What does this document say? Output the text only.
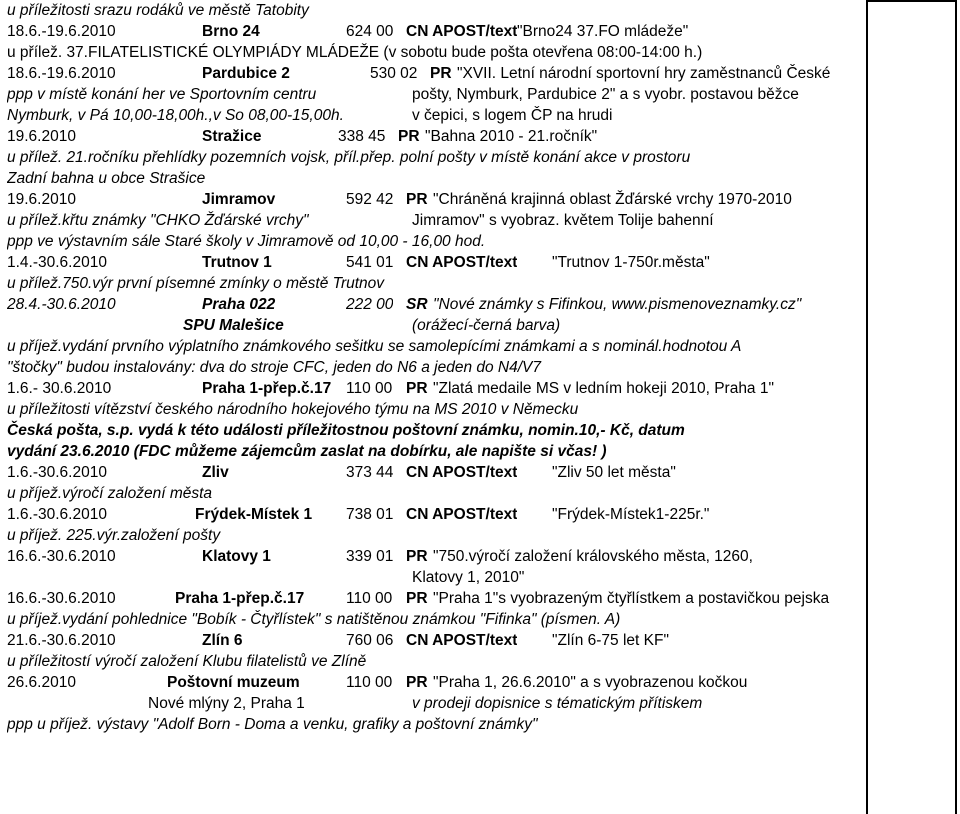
u příležitosti srazu rodáků ve městě Tatobity
18.6.-19.6.2010	Brno 24	624 00 CN APOST/text "Brno24 37.FO mládeže"
u přílež. 37.FILATELISTICKÉ OLYMPIÁDY MLÁDEŽE (v sobotu bude pošta otevřena 08:00-14:00 h.)
18.6.-19.6.2010	Pardubice 2	530 02 PR "XVII. Letní národní sportovní hry zaměstnanců České
ppp v místě konání her ve Sportovním centru	pošty, Nymburk, Pardubice 2" a s vyobr. postavou běžce
Nymburk, v Pá 10,00-18,00h.,v So 08,00-15,00h.	v čepici, s logem ČP na hrudi
19.6.2010	Stražice	338 45 PR "Bahna 2010 - 21.ročník"
u přílež. 21.ročníku přehlídky pozemních vojsk, příl.přep. polní pošty v místě konání akce v prostoru
Zadní bahna u obce Strašice
19.6.2010	Jimramov	592 42 PR "Chráněná krajinná oblast Žďárské vrchy 1970-2010
u přílež.křtu známky "CHKO Žďárské vrchy"	Jimramov" s vyobraz. květem Tolije bahenní
ppp ve výstavním sále Staré školy v Jimramově od 10,00 - 16,00 hod.
1.4.-30.6.2010	Trutnov 1	541 01 CN APOST/text "Trutnov 1-750r.města"
u přílež.750.výr první písemné zmínky o městě Trutnov
28.4.-30.6.2010	Praha 022	222 00 SR "Nové známky s Fifinkou, www.pismenoveznamky.cz"
SPU Malešice	(orážecí-černá barva)
u příjež.vydání prvního výplatního známkového sešitku se samolepícími známkami a s nominál.hodnotou A
"štočky" budou instalovány: dva do stroje CFC, jeden do N6 a jeden do N4/V7
1.6.- 30.6.2010	Praha 1-přep.č.17 110 00 PR "Zlatá medaile MS v ledním hokeji 2010, Praha 1"
u příležitosti vítězství českého národního hokejového týmu na MS 2010 v Německu
Česká pošta, s.p. vydá k této události příležitostnou poštovní známku, nomin.10,- Kč, datum
vydání 23.6.2010 (FDC můžeme zájemcům zaslat na dobírku, ale napište si včas! )
1.6.-30.6.2010	Zliv	373 44 CN APOST/text "Zliv 50 let města"
u příjež.výročí založení města
1.6.-30.6.2010	Frýdek-Místek 1	738 01 CN APOST/text "Frýdek-Místek1-225r."
u příjež. 225.výr.založení pošty
16.6.-30.6.2010	Klatovy 1	339 01 PR "750.výročí založení královského města, 1260,
Klatovy 1, 2010"
16.6.-30.6.2010	Praha 1-přep.č.17	110 00 PR "Praha 1"s vyobrazeným čtyřlístkem a postavičkou pejska
u příjež.vydání pohlednice "Bobík - Čtyřlístek" s natištěnou známkou "Fifinka" (písmen. A)
21.6.-30.6.2010	Zlín 6	760 06 CN APOST/text "Zlín 6-75 let KF"
u příležitostí výročí založení Klubu filatelistů ve Zlíně
26.6.2010	Poštovní muzeum	110 00 PR "Praha 1, 26.6.2010" a s vyobrazenou kočkou
Nové mlýny 2, Praha 1	v prodeji dopisnice s tématickým přítiskem
ppp u příjež. výstavy "Adolf Born - Doma a venku, grafiky a poštovní známky"
